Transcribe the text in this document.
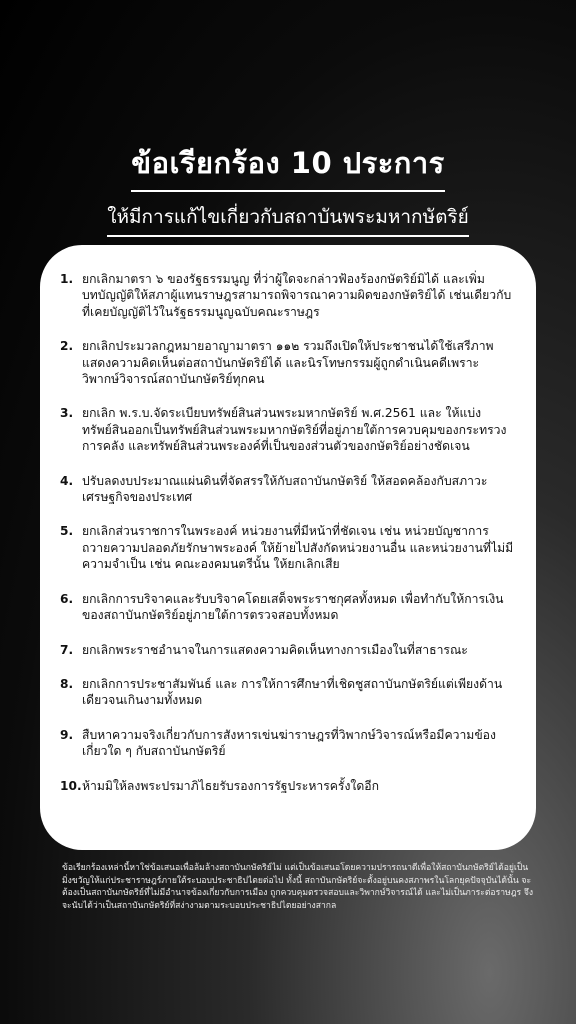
ข้อเรียกร้อง 10 ประการ
ให้มีการแก้ไขเกี่ยวกับสถาบันพระมหากษัตริย์
1. ยกเลิกมาตรา ๖ ของรัฐธรรมนูญ ที่ว่าผู้ใดจะกล่าวฟ้องร้องกษัตริย์มิได้ และเพิ่มบทบัญญัติให้สภาผู้แทนราษฎรสามารถพิจารณาความผิดของกษัตริย์ได้ เช่นเดียวกับที่เคยบัญญัติไว้ในรัฐธรรมนูญฉบับคณะราษฎร
2. ยกเลิกประมวลกฎหมายอาญามาตรา ๑๑๒ รวมถึงเปิดให้ประชาชนได้ใช้เสรีภาพแสดงความคิดเห็นต่อสถาบันกษัตริย์ได้ และนิรโทษกรรมผู้ถูกดำเนินคดีเพราะวิพากษ์วิจารณ์สถาบันกษัตริย์ทุกคน
3. ยกเลิก พ.ร.บ.จัดระเบียบทรัพย์สินส่วนพระมหากษัตริย์ พ.ศ.2561 และ ให้แบ่งทรัพย์สินออกเป็นทรัพย์สินส่วนพระมหากษัตริย์ที่อยู่ภายใต้การควบคุมของกระทรวงการคลัง และทรัพย์สินส่วนพระองค์ที่เป็นของส่วนตัวของกษัตริย์อย่างชัดเจน
4. ปรับลดงบประมาณแผ่นดินที่จัดสรรให้กับสถาบันกษัตริย์ ให้สอดคล้องกับสภาวะเศรษฐกิจของประเทศ
5. ยกเลิกส่วนราชการในพระองค์ หน่วยงานที่มีหน้าที่ชัดเจน เช่น หน่วยบัญชาการถวายความปลอดภัยรักษาพระองค์ ให้ย้ายไปสังกัดหน่วยงานอื่น และหน่วยงานที่ไม่มีความจำเป็น เช่น คณะองคมนตรีนั้น ให้ยกเลิกเสีย
6. ยกเลิกการบริจาคและรับบริจาคโดยเสด็จพระราชกุศลทั้งหมด เพื่อทำกับให้การเงินของสถาบันกษัตริย์อยู่ภายใต้การตรวจสอบทั้งหมด
7. ยกเลิกพระราชอำนาจในการแสดงความคิดเห็นทางการเมืองในที่สาธารณะ
8. ยกเลิกการประชาสัมพันธ์ และ การให้การศึกษาที่เชิดชูสถาบันกษัตริย์แต่เพียงด้านเดียวจนเกินงามทั้งหมด
9. สืบหาความจริงเกี่ยวกับการสังหารเข่นฆ่าราษฎรที่วิพากษ์วิจารณ์หรือมีความข้องเกี่ยวใด ๆ กับสถาบันกษัตริย์
10. ห้ามมิให้ลงพระปรมาภิไธยรับรองการรัฐประหารครั้งใดอีก
ข้อเรียกร้องเหล่านี้หาใช่ข้อเสนอเพื่อล้มล้างสถาบันกษัตริย์ไม่ แต่เป็นข้อเสนอโดยความปรารถนาดีเพื่อให้สถาบันกษัตริย์ได้อยู่เป็นมิ่งขวัญให้แก่ประชาราษฎร์ภายใต้ระบอบประชาธิปไตยต่อไป ทั้งนี้ สถาบันกษัตริย์จะตั้งอยู่บนคงสภาพรในโลกยุคปัจจุบันได้นั้น จะต้องเป็นสถาบันกษัตริย์ที่ไม่มีอำนาจข้องเกี่ยวกับการเมือง ถูกควบคุมตรวจสอบและวิพากษ์วิจารณ์ได้ และไม่เป็นภาระต่อราษฎร จึงจะนับได้ว่าเป็นสถาบันกษัตริย์ที่สง่างามตามระบอบประชาธิปไตยอย่างสากล
